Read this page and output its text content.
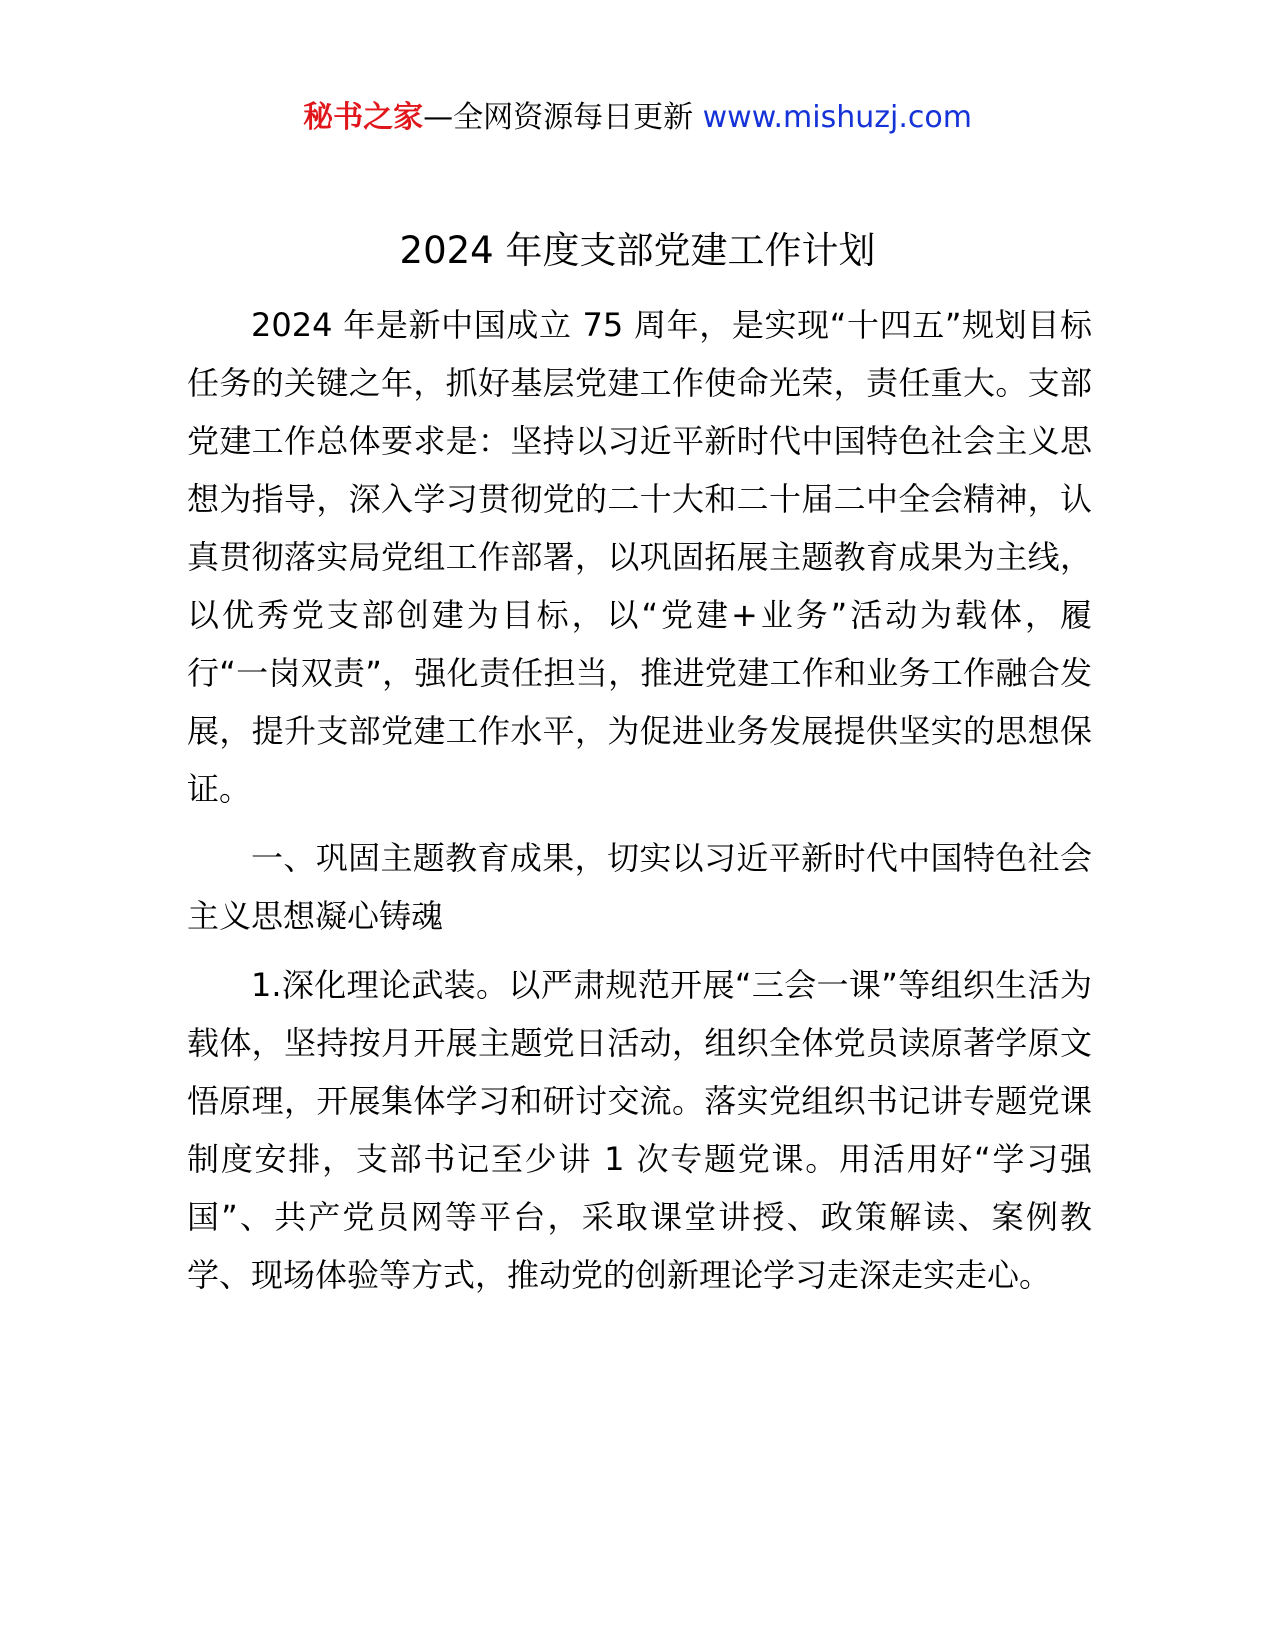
秘书之家—全网资源每日更新 www.mishuzj.com
2024 年度支部党建工作计划

2024 年是新中国成立 75 周年，是实现“十四五”规划目标任务的关键之年，抓好基层党建工作使命光荣，责任重大。支部党建工作总体要求是：坚持以习近平新时代中国特色社会主义思想为指导，深入学习贯彻党的二十大和二十届二中全会精神，认真贯彻落实局党组工作部署，以巩固拓展主题教育成果为主线，以优秀党支部创建为目标，以“党建+业务”活动为载体，履行“一岗双责”，强化责任担当，推进党建工作和业务工作融合发展，提升支部党建工作水平，为促进业务发展提供坚实的思想保证。

一、巩固主题教育成果，切实以习近平新时代中国特色社会主义思想凝心铸魂

1.深化理论武装。以严肃规范开展“三会一课”等组织生活为载体，坚持按月开展主题党日活动，组织全体党员读原著学原文悟原理，开展集体学习和研讨交流。落实党组织书记讲专题党课制度安排，支部书记至少讲 1 次专题党课。用活用好“学习强国”、共产党员网等平台，采取课堂讲授、政策解读、案例教学、现场体验等方式，推动党的创新理论学习走深走实走心。
